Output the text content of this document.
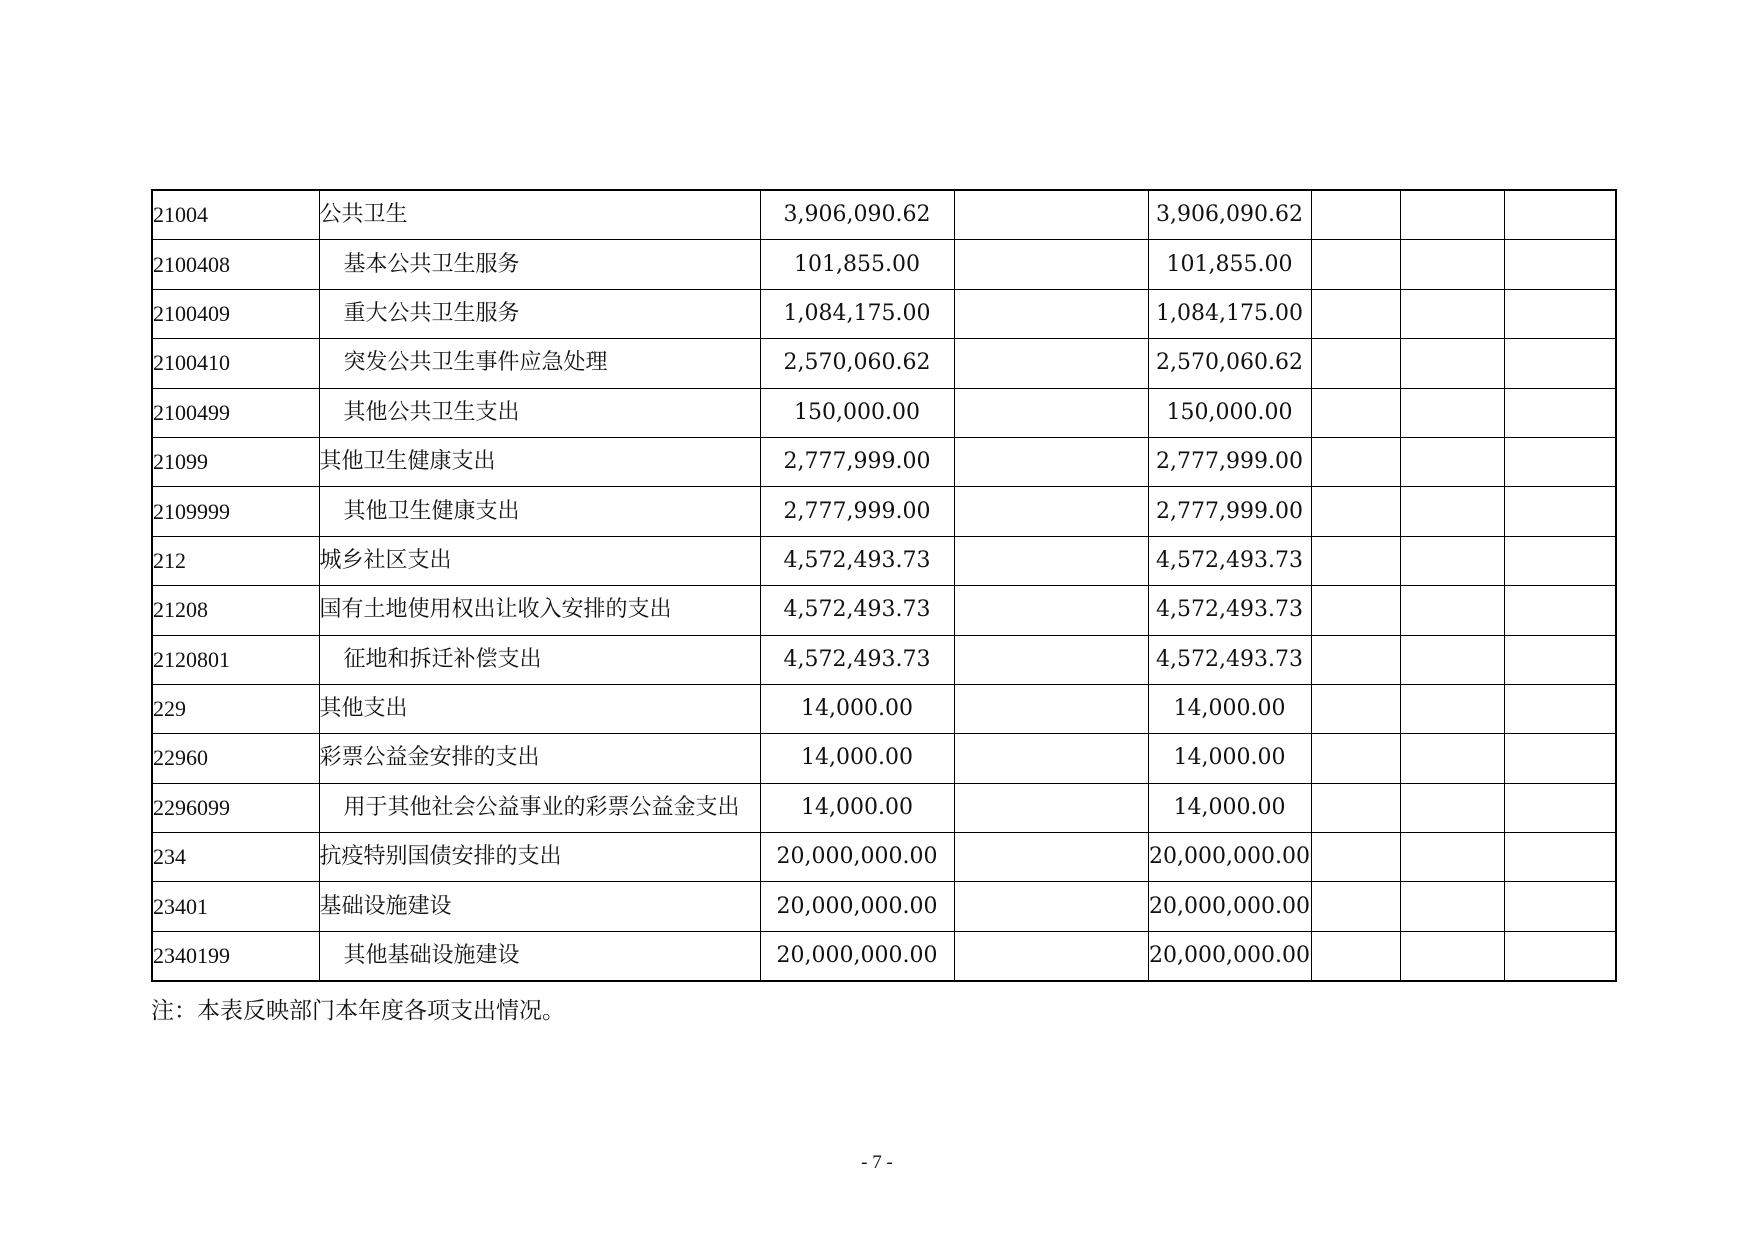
21004	公共卫生	3,906,090.62		3,906,090.62			
2100408	基本公共卫生服务	101,855.00		101,855.00			
2100409	重大公共卫生服务	1,084,175.00		1,084,175.00			
2100410	突发公共卫生事件应急处理	2,570,060.62		2,570,060.62			
2100499	其他公共卫生支出	150,000.00		150,000.00			
21099	其他卫生健康支出	2,777,999.00		2,777,999.00			
2109999	其他卫生健康支出	2,777,999.00		2,777,999.00			
212	城乡社区支出	4,572,493.73		4,572,493.73			
21208	国有土地使用权出让收入安排的支出	4,572,493.73		4,572,493.73			
2120801	征地和拆迁补偿支出	4,572,493.73		4,572,493.73			
229	其他支出	14,000.00		14,000.00			
22960	彩票公益金安排的支出	14,000.00		14,000.00			
2296099	用于其他社会公益事业的彩票公益金支出	14,000.00		14,000.00			
234	抗疫特别国债安排的支出	20,000,000.00		20,000,000.00			
23401	基础设施建设	20,000,000.00		20,000,000.00			
2340199	其他基础设施建设	20,000,000.00		20,000,000.00			
注：本表反映部门本年度各项支出情况。
- 7 -
